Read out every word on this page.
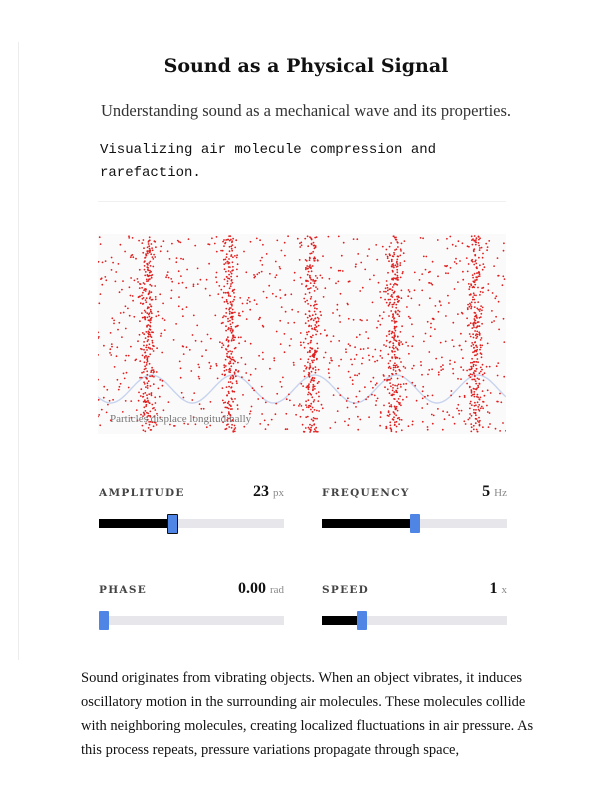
Sound as a Physical Signal
Understanding sound as a mechanical wave and its properties.
Visualizing air molecule compression and rarefaction.
Particles displace longitudinally
AMPLITUDE	23 px	FREQUENCY	5 Hz
PHASE	0.00 rad	SPEED	1 x

Sound originates from vibrating objects. When an object vibrates, it induces oscillatory motion in the surrounding air molecules. These molecules collide with neighboring molecules, creating localized fluctuations in air pressure. As this process repeats, pressure variations propagate through space,
